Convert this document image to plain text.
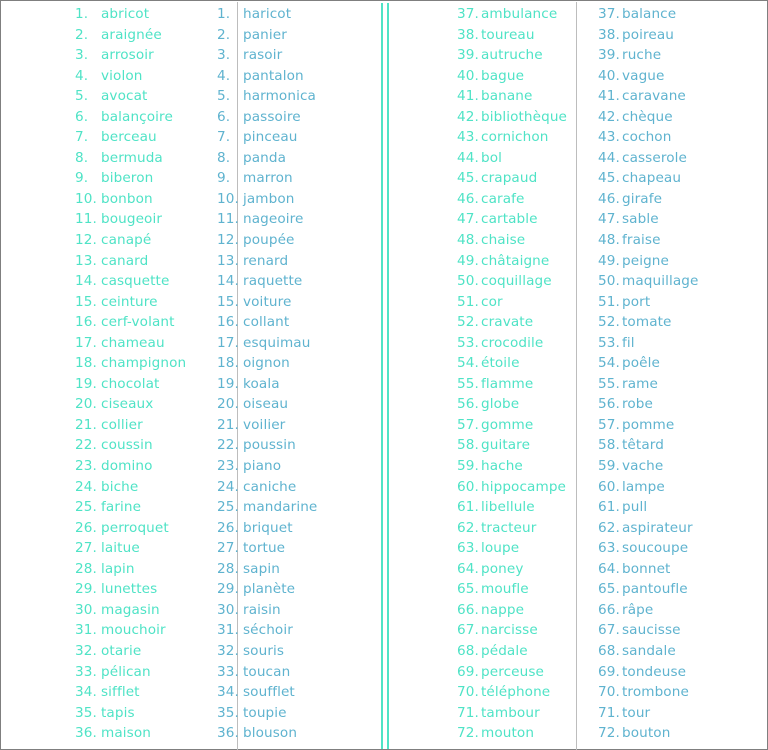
1. abricot
2. araignée
3. arrosoir
4. violon
5. avocat
6. balançoire
7. berceau
8. bermuda
9. biberon
10. bonbon
11. bougeoir
12. canapé
13. canard
14. casquette
15. ceinture
16. cerf-volant
17. chameau
18. champignon
19. chocolat
20. ciseaux
21. collier
22. coussin
23. domino
24. biche
25. farine
26. perroquet
27. laitue
28. lapin
29. lunettes
30. magasin
31. mouchoir
32. otarie
33. pélican
34. sifflet
35. tapis
36. maison
1. haricot
2. panier
3. rasoir
4. pantalon
5. harmonica
6. passoire
7. pinceau
8. panda
9. marron
10. jambon
11. nageoire
12. poupée
13. renard
14. raquette
15. voiture
16. collant
17. esquimau
18. oignon
19. koala
20. oiseau
21. voilier
22. poussin
23. piano
24. caniche
25. mandarine
26. briquet
27. tortue
28. sapin
29. planète
30. raisin
31. séchoir
32. souris
33. toucan
34. soufflet
35. toupie
36. blouson
37. ambulance
38. toureau
39. autruche
40. bague
41. banane
42. bibliothèque
43. cornichon
44. bol
45. crapaud
46. carafe
47. cartable
48. chaise
49. châtaigne
50. coquillage
51. cor
52. cravate
53. crocodile
54. étoile
55. flamme
56. globe
57. gomme
58. guitare
59. hache
60. hippocampe
61. libellule
62. tracteur
63. loupe
64. poney
65. moufle
66. nappe
67. narcisse
68. pédale
69. perceuse
70. téléphone
71. tambour
72. mouton
37. balance
38. poireau
39. ruche
40. vague
41. caravane
42. chèque
43. cochon
44. casserole
45. chapeau
46. girafe
47. sable
48. fraise
49. peigne
50. maquillage
51. port
52. tomate
53. fil
54. poêle
55. rame
56. robe
57. pomme
58. têtard
59. vache
60. lampe
61. pull
62. aspirateur
63. soucoupe
64. bonnet
65. pantoufle
66. râpe
67. saucisse
68. sandale
69. tondeuse
70. trombone
71. tour
72. bouton
